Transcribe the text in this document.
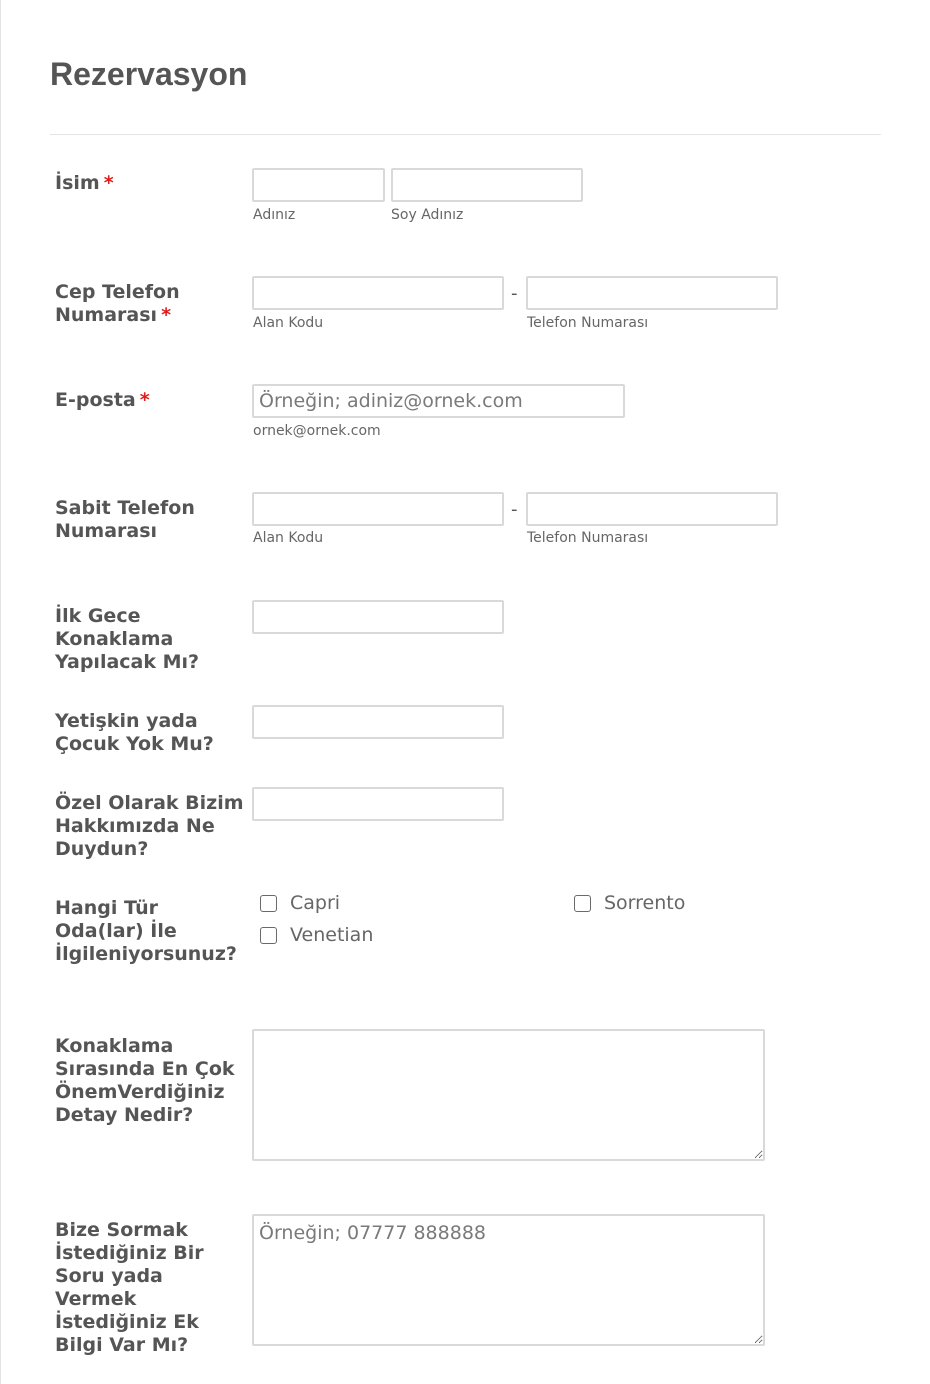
Rezervasyon
İsim *
Adınız	Soy Adınız
Cep Telefon Numarası *
-
Alan Kodu	Telefon Numarası
E-posta *
Örneğin; adiniz@ornek.com
ornek@ornek.com
Sabit Telefon Numarası
-
Alan Kodu	Telefon Numarası
İlk Gece Konaklama Yapılacak Mı?
Yetişkin yada Çocuk Yok Mu?
Özel Olarak Bizim Hakkımızda Ne Duydun?
Hangi Tür Oda(lar) İle İlgileniyorsunuz?
Capri	Sorrento
Venetian
Konaklama Sırasında En Çok ÖnemVerdiğiniz Detay Nedir?
Bize Sormak İstediğiniz Bir Soru yada Vermek İstediğiniz Ek Bilgi Var Mı?
Örneğin; 07777 888888
